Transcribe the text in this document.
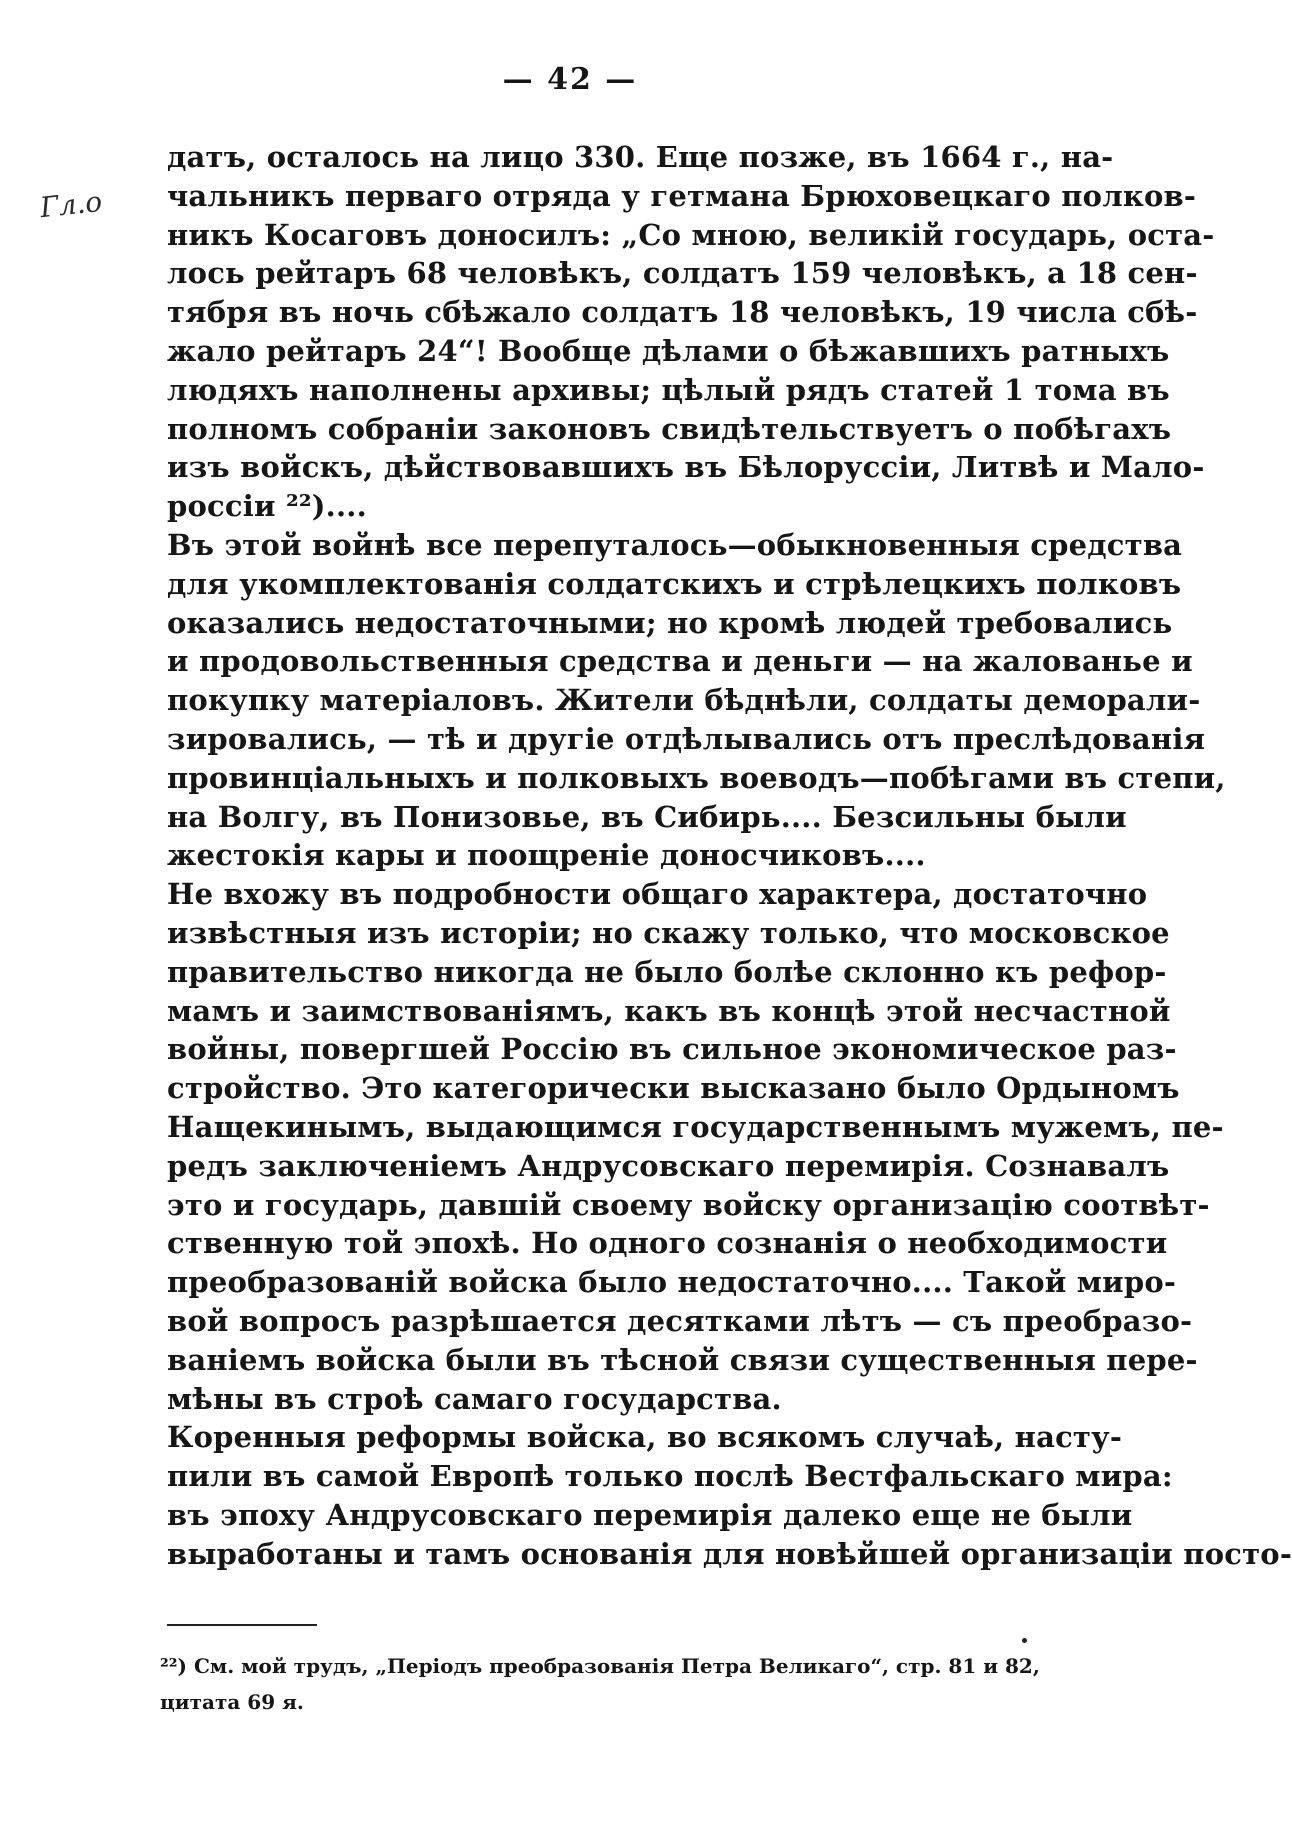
— 42 —
Гл.о
датъ, осталось на лицо 330. Еще позже, въ 1664 г., на-
чальникъ перваго отряда у гетмана Брюховецкаго полков-
никъ Косаговъ доносилъ: „Со мною, великій государь, оста-
лось рейтаръ 68 человѣкъ, солдатъ 159 человѣкъ, а 18 сен-
тября въ ночь сбѣжало солдатъ 18 человѣкъ, 19 числа сбѣ-
жало рейтаръ 24“! Вообще дѣлами о бѣжавшихъ ратныхъ
людяхъ наполнены архивы; цѣлый рядъ статей 1 тома въ
полномъ собраніи законовъ свидѣтельствуетъ о побѣгахъ
изъ войскъ, дѣйствовавшихъ въ Бѣлоруссіи, Литвѣ и Мало-
россіи ²²)....
Въ этой войнѣ все перепуталось—обыкновенныя средства
для укомплектованія солдатскихъ и стрѣлецкихъ полковъ
оказались недостаточными; но кромѣ людей требовались
и продовольственныя средства и деньги — на жалованье и
покупку матеріаловъ. Жители бѣднѣли, солдаты деморали-
зировались, — тѣ и другіе отдѣлывались отъ преслѣдованія
провинціальныхъ и полковыхъ воеводъ—побѣгами въ степи,
на Волгу, въ Понизовье, въ Сибирь.... Безсильны были
жестокія кары и поощреніе доносчиковъ....
Не вхожу въ подробности общаго характера, достаточно
извѣстныя изъ исторіи; но скажу только, что московское
правительство никогда не было болѣе склонно къ рефор-
мамъ и заимствованіямъ, какъ въ концѣ этой несчастной
войны, повергшей Россію въ сильное экономическое раз-
стройство. Это категорически высказано было Ордыномъ
Нащекинымъ, выдающимся государственнымъ мужемъ, пе-
редъ заключеніемъ Андрусовскаго перемирія. Сознавалъ
это и государь, давшій своему войску организацію соотвѣт-
ственную той эпохѣ. Но одного сознанія о необходимости
преобразованій войска было недостаточно.... Такой миро-
вой вопросъ разрѣшается десятками лѣтъ — съ преобразо-
ваніемъ войска были въ тѣсной связи существенныя пере-
мѣны въ строѣ самаго государства.
Коренныя реформы войска, во всякомъ случаѣ, насту-
пили въ самой Европѣ только послѣ Вестфальскаго мира:
въ эпоху Андрусовскаго перемирія далеко еще не были
выработаны и тамъ основанія для новѣйшей организаціи посто-
²²) См. мой трудъ, „Періодъ преобразованія Петра Великаго“, стр. 81 и 82,
цитата 69 я.
